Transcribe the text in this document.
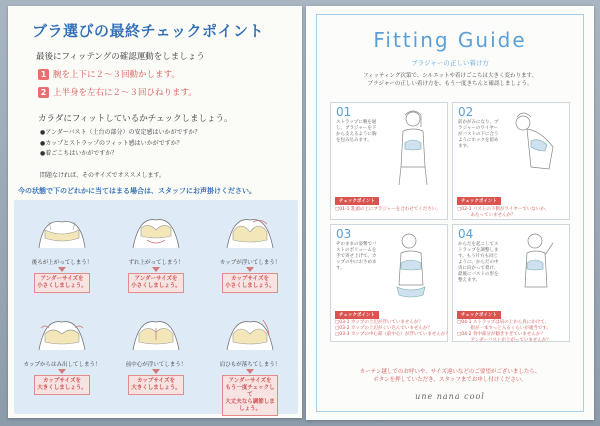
ブラ選びの最終チェックポイント
最後にフィッテングの確認運動をしましょう
1 腕を上下に２～３回動かします。
2 上半身を左右に２～３回ひねります。
カラダにフィットしているかチェックしましょう。
●アンダーバスト（土台の部分）の安定感はいかがですか？
●カップとストラップのフィット感はいかがですか？
●着ごこちはいかがですか？
問題なければ、そのサイズでオススメします。
今の状態で下のどれかに当てはまる場合は、スタッフにお声掛けください。
後ろが上がってしまう！
アンダーサイズを
小さくしましょう。
ずれ上がってしまう！
アンダーサイズを
小さくしましょう。
カップが浮いてしまう！
カップサイズを
小さくしましょう。
カップからはみ出してしまう！
カップサイズを
大きくしましょう。
前中心が浮いてしまう！
カップサイズを
大きくしましょう。
肩ひもが落ちてしまう！
アンダーサイズを
もう一度チェックして
大丈夫なら調節しましょう。
Fitting Guide
ブラジャーの正しい着け方
フィッティング次第で、シルエットや着けごこちは大きく変わります。
ブラジャーの正しい着け方を、もう一度きちんと確認しましょう。
01
ストラップに腕を通し、ブラジャーを下から支えるように胸を包み込みます。
チェックポイント
□01-1 乳頭の上にブラジャーを合わせてください。
02
前かがみになり、ブラジャーのワイヤーがバストの下に合うようにホックを留めます。
チェックポイント
□02-1 バストの下側がワイヤーでいないか、
　　　あたっていませんか？
03
そのままの姿勢でバストのボリュームを手で寄せ上げて、カップの中におさめます。
チェックポイント
□03-1 カップの上辺が浮いていませんか？
□03-2 カップの上辺がくい込んでいませんか？
□03-3 カップの中心部（前中心）が浮いていませんか？
04
からだを起こしてストラップを調整します。もう片方も同じように、からだの中央に向かって着け、最後にバストの形を整えます。
チェックポイント
□04-1 ストラップは肩の上から真にかけて、
　　　指が一本すっと入るくらいが適当です。
□04-2 背中部分が傾きすぎていませんか？
　　　アンダーバストが上がっていませんか？
カーテン越しでのお呼いや、サイズ違いなどのご要望がございましたら、
ボタンを押していただき、スタッフまでお申し付けください。
une nana cool
